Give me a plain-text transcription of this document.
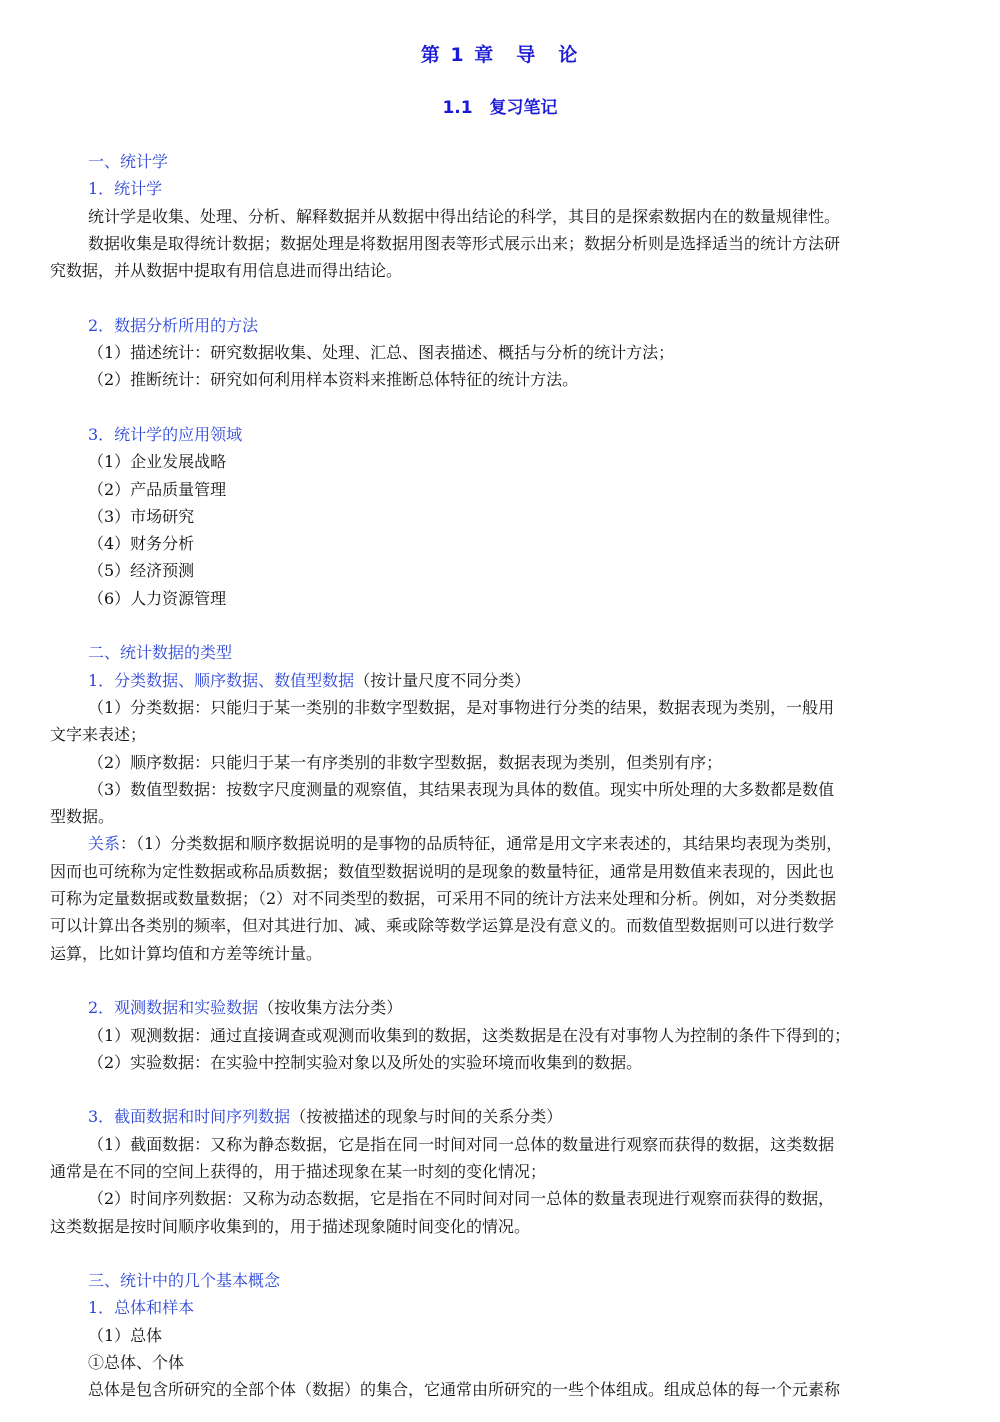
第 1 章　导　论
1.1　复习笔记
一、统计学
1．统计学
统计学是收集、处理、分析、解释数据并从数据中得出结论的科学，其目的是探索数据内在的数量规律性。
数据收集是取得统计数据；数据处理是将数据用图表等形式展示出来；数据分析则是选择适当的统计方法研
究数据，并从数据中提取有用信息进而得出结论。
2．数据分析所用的方法
（1）描述统计：研究数据收集、处理、汇总、图表描述、概括与分析的统计方法；
（2）推断统计：研究如何利用样本资料来推断总体特征的统计方法。
3．统计学的应用领域
（1）企业发展战略
（2）产品质量管理
（3）市场研究
（4）财务分析
（5）经济预测
（6）人力资源管理
二、统计数据的类型
1．分类数据、顺序数据、数值型数据（按计量尺度不同分类）
（1）分类数据：只能归于某一类别的非数字型数据，是对事物进行分类的结果，数据表现为类别，一般用
文字来表述；
（2）顺序数据：只能归于某一有序类别的非数字型数据，数据表现为类别，但类别有序；
（3）数值型数据：按数字尺度测量的观察值，其结果表现为具体的数值。现实中所处理的大多数都是数值
型数据。
关系：（1）分类数据和顺序数据说明的是事物的品质特征，通常是用文字来表述的，其结果均表现为类别，
因而也可统称为定性数据或称品质数据；数值型数据说明的是现象的数量特征，通常是用数值来表现的，因此也
可称为定量数据或数量数据；（2）对不同类型的数据，可采用不同的统计方法来处理和分析。例如，对分类数据
可以计算出各类别的频率，但对其进行加、减、乘或除等数学运算是没有意义的。而数值型数据则可以进行数学
运算，比如计算均值和方差等统计量。
2．观测数据和实验数据（按收集方法分类）
（1）观测数据：通过直接调查或观测而收集到的数据，这类数据是在没有对事物人为控制的条件下得到的；
（2）实验数据：在实验中控制实验对象以及所处的实验环境而收集到的数据。
3．截面数据和时间序列数据（按被描述的现象与时间的关系分类）
（1）截面数据：又称为静态数据，它是指在同一时间对同一总体的数量进行观察而获得的数据，这类数据
通常是在不同的空间上获得的，用于描述现象在某一时刻的变化情况；
（2）时间序列数据：又称为动态数据，它是指在不同时间对同一总体的数量表现进行观察而获得的数据，
这类数据是按时间顺序收集到的，用于描述现象随时间变化的情况。
三、统计中的几个基本概念
1．总体和样本
（1）总体
①总体、个体
总体是包含所研究的全部个体（数据）的集合，它通常由所研究的一些个体组成。组成总体的每一个元素称
